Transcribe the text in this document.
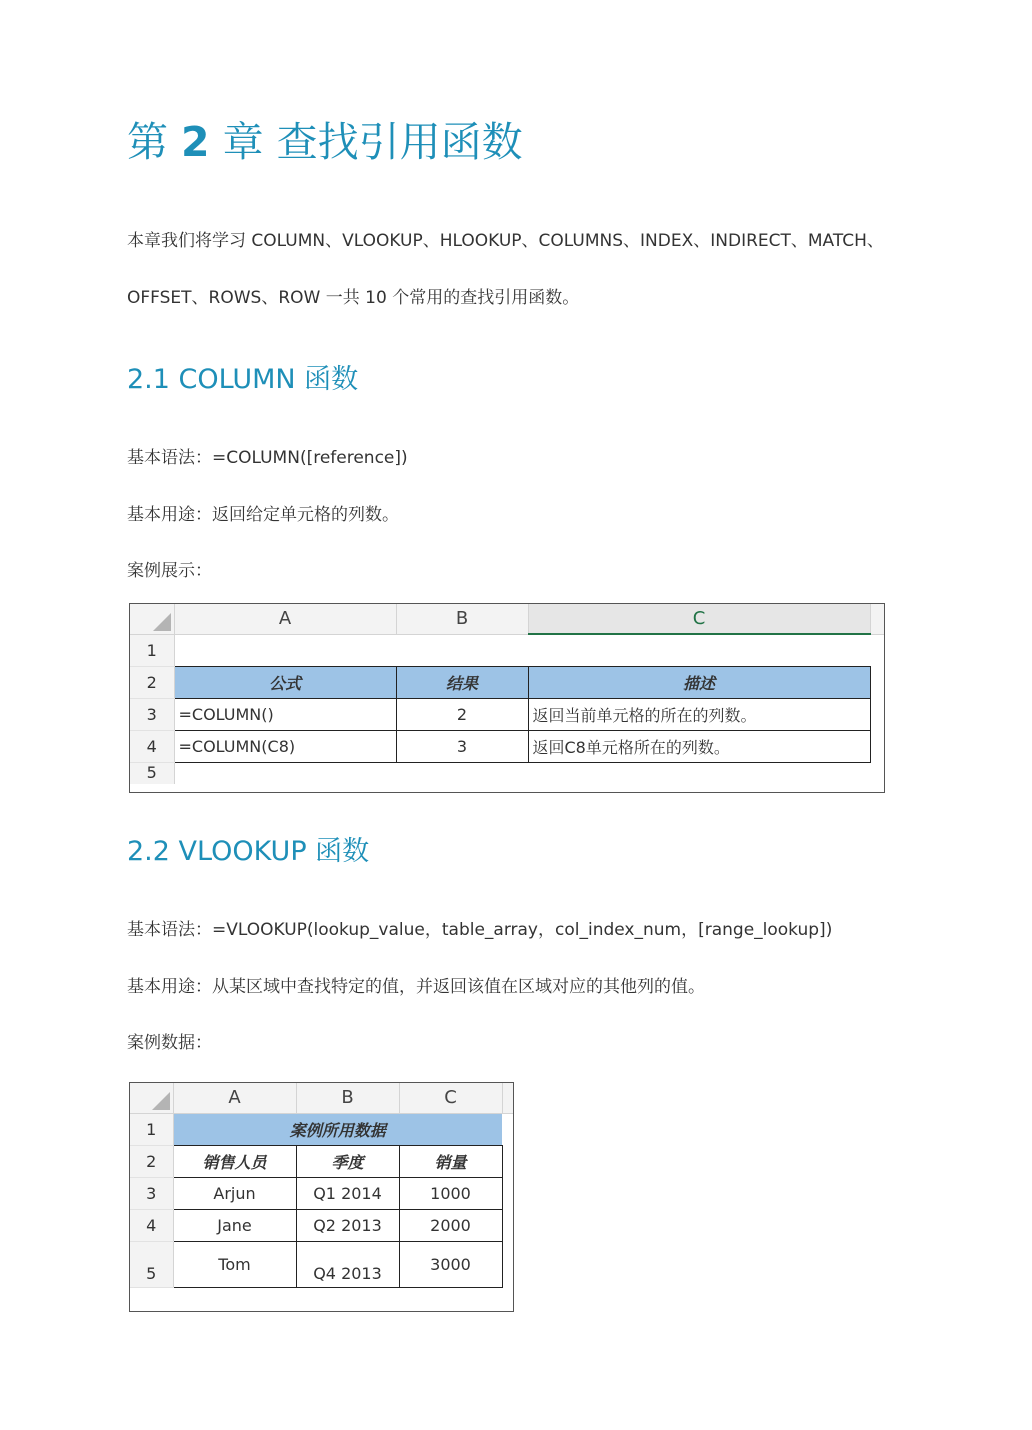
第 2 章 查找引用函数
本章我们将学习 COLUMN、VLOOKUP、HLOOKUP、COLUMNS、INDEX、INDIRECT、MATCH、
OFFSET、ROWS、ROW 一共 10 个常用的查找引用函数。
2.1 COLUMN 函数
基本语法：=COLUMN([reference])
基本用途：返回给定单元格的列数。
案例展示：
	A	B	C	
1				
2	公式	结果	描述	
3	=COLUMN()	2	返回当前单元格的所在的列数。	
4	=COLUMN(C8)	3	返回C8单元格所在的列数。	
5				
2.2 VLOOKUP 函数
基本语法：=VLOOKUP(lookup_value，table_array，col_index_num，[range_lookup])
基本用途：从某区域中查找特定的值，并返回该值在区域对应的其他列的值。
案例数据：
	A	B	C	
1	案例所用数据			
2	销售人员	季度	销量	
3	Arjun	Q1 2014	1000	
4	Jane	Q2 2013	2000	
5	Tom	Q4 2013	3000	
